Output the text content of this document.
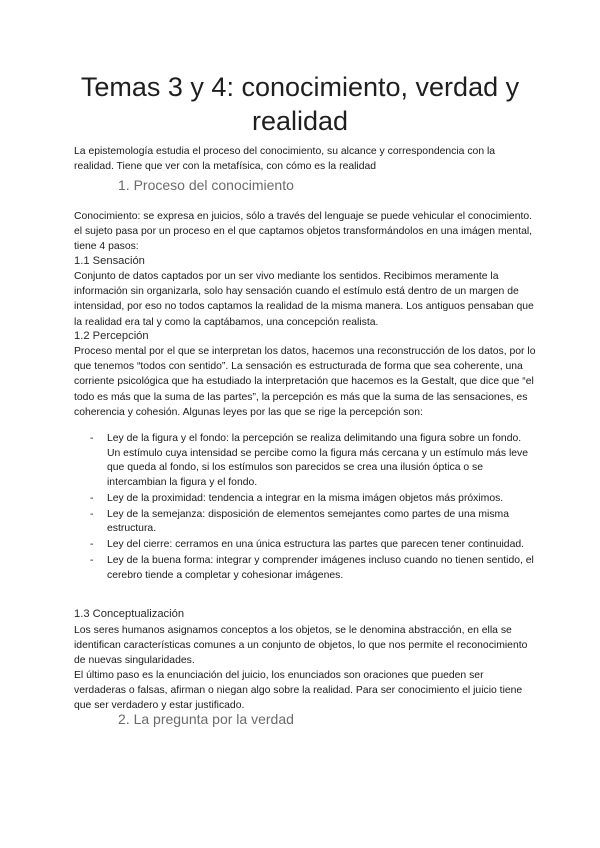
Temas 3 y 4: conocimiento, verdad y realidad

La epistemología estudia el proceso del conocimiento, su alcance y correspondencia con la realidad. Tiene que ver con la metafísica, con cómo es la realidad

1. Proceso del conocimiento

Conocimiento: se expresa en juicios, sólo a través del lenguaje se puede vehicular el conocimiento. el sujeto pasa por un proceso en el que captamos objetos transformándolos en una imágen mental, tiene 4 pasos:

1.1 Sensación

Conjunto de datos captados por un ser vivo mediante los sentidos. Recibimos meramente la información sin organizarla, solo hay sensación cuando el estímulo está dentro de un margen de intensidad, por eso no todos captamos la realidad de la misma manera. Los antiguos pensaban que la realidad era tal y como la captábamos, una concepción realista.

1.2 Percepción

Proceso mental por el que se interpretan los datos, hacemos una reconstrucción de los datos, por lo que tenemos “todos con sentido”. La sensación es estructurada de forma que sea coherente, una corriente psicológica que ha estudiado la interpretación que hacemos es la Gestalt, que dice que “el todo es más que la suma de las partes”, la percepción es más que la suma de las sensaciones, es coherencia y cohesión. Algunas leyes por las que se rige la percepción son:

- Ley de la figura y el fondo: la percepción se realiza delimitando una figura sobre un fondo. Un estímulo cuya intensidad se percibe como la figura más cercana y un estímulo más leve que queda al fondo, si los estímulos son parecidos se crea una ilusión óptica o se intercambian la figura y el fondo.
- Ley de la proximidad: tendencia a integrar en la misma imágen objetos más próximos.
- Ley de la semejanza: disposición de elementos semejantes como partes de una misma estructura.
- Ley del cierre: cerramos en una única estructura las partes que parecen tener continuidad.
- Ley de la buena forma: integrar y comprender imágenes incluso cuando no tienen sentido, el cerebro tiende a completar y cohesionar imágenes.
1.3 Conceptualización

Los seres humanos asignamos conceptos a los objetos, se le denomina abstracción, en ella se identifican características comunes a un conjunto de objetos, lo que nos permite el reconocimiento de nuevas singularidades.

El último paso es la enunciación del juicio, los enunciados son oraciones que pueden ser verdaderas o falsas, afirman o niegan algo sobre la realidad. Para ser conocimiento el juicio tiene que ser verdadero y estar justificado.

2. La pregunta por la verdad
